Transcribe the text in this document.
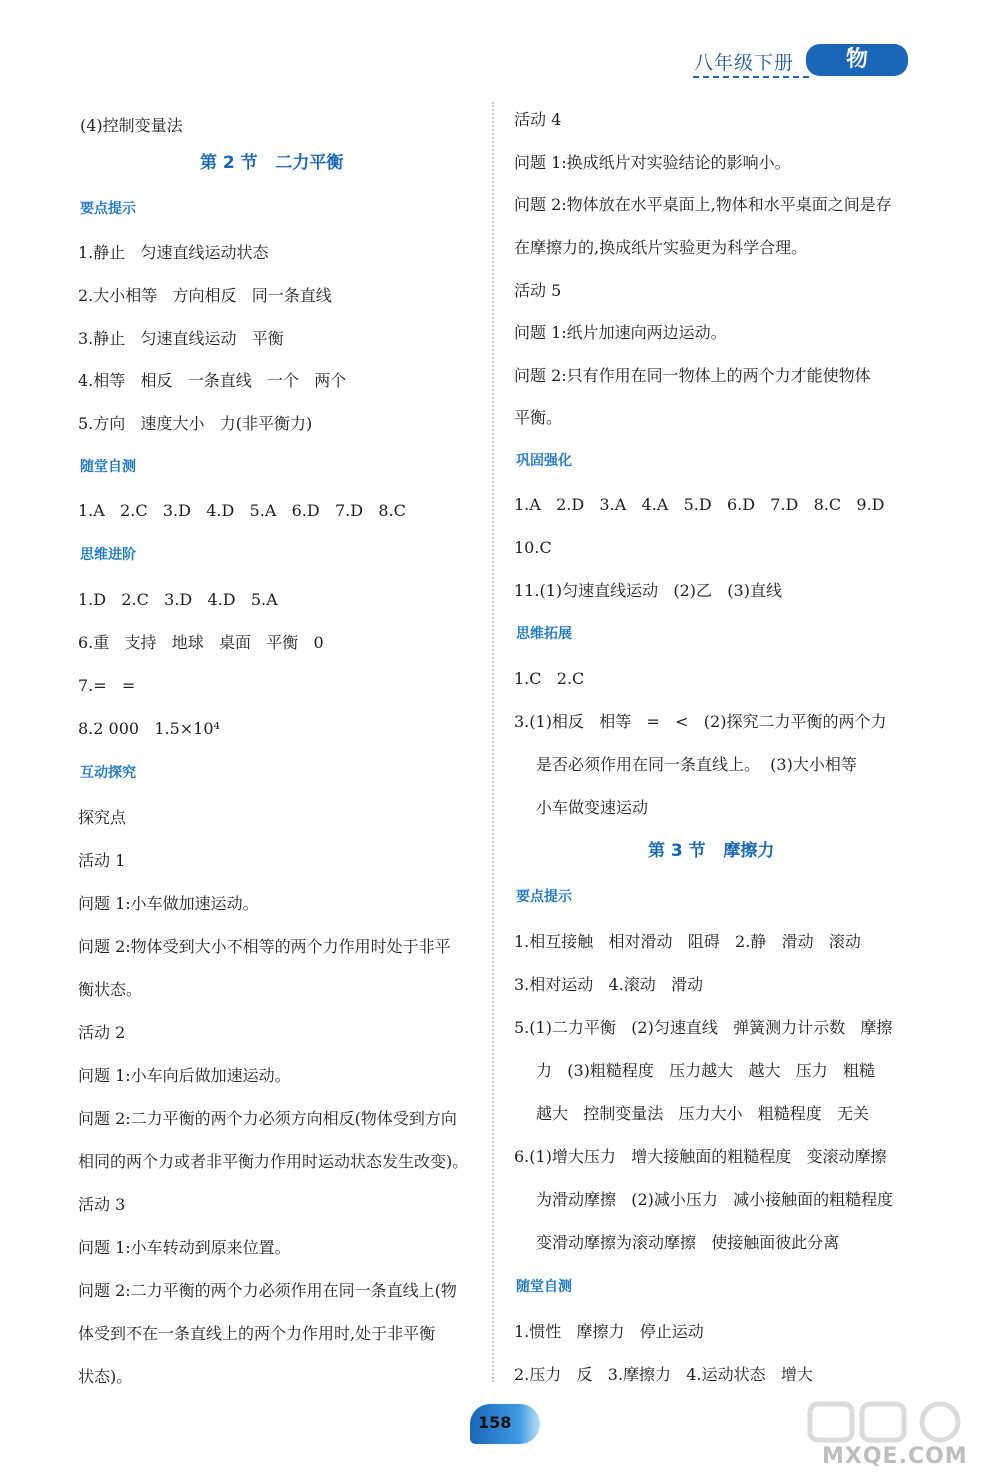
八年级下册	物 理
(4)控制变量法
第 2 节   二力平衡
要点提示
1.静止   匀速直线运动状态
2.大小相等   方向相反   同一条直线
3.静止   匀速直线运动   平衡
4.相等   相反   一条直线   一个   两个
5.方向   速度大小   力(非平衡力)
随堂自测
1.A   2.C   3.D   4.D   5.A   6.D   7.D   8.C
思维进阶
1.D   2.C   3.D   4.D   5.A
6.重   支持   地球   桌面   平衡   0
7.=   =
8.2 000   1.5×10⁴
互动探究
探究点
活动 1
问题 1:小车做加速运动。
问题 2:物体受到大小不相等的两个力作用时处于非平
衡状态。
活动 2
问题 1:小车向后做加速运动。
问题 2:二力平衡的两个力必须方向相反(物体受到方向
相同的两个力或者非平衡力作用时运动状态发生改变)。
活动 3
问题 1:小车转动到原来位置。
问题 2:二力平衡的两个力必须作用在同一条直线上(物
体受到不在一条直线上的两个力作用时,处于非平衡
状态)。
活动 4
问题 1:换成纸片对实验结论的影响小。
问题 2:物体放在水平桌面上,物体和水平桌面之间是存
在摩擦力的,换成纸片实验更为科学合理。
活动 5
问题 1:纸片加速向两边运动。
问题 2:只有作用在同一物体上的两个力才能使物体
平衡。
巩固强化
1.A   2.D   3.A   4.A   5.D   6.D   7.D   8.C   9.D
10.C
11.(1)匀速直线运动   (2)乙   (3)直线
思维拓展
1.C   2.C
3.(1)相反   相等   =   <   (2)探究二力平衡的两个力
是否必须作用在同一条直线上。  (3)大小相等
小车做变速运动
第 3 节   摩擦力
要点提示
1.相互接触   相对滑动   阻碍   2.静   滑动   滚动
3.相对运动   4.滚动   滑动
5.(1)二力平衡   (2)匀速直线   弹簧测力计示数   摩擦
力   (3)粗糙程度   压力越大   越大   压力   粗糙
越大   控制变量法   压力大小   粗糙程度   无关
6.(1)增大压力   增大接触面的粗糙程度   变滚动摩擦
为滑动摩擦   (2)减小压力   减小接触面的粗糙程度
变滑动摩擦为滚动摩擦   使接触面彼此分离
随堂自测
1.惯性   摩擦力   停止运动
2.压力   反   3.摩擦力   4.运动状态   增大
158
MXQE.COM
